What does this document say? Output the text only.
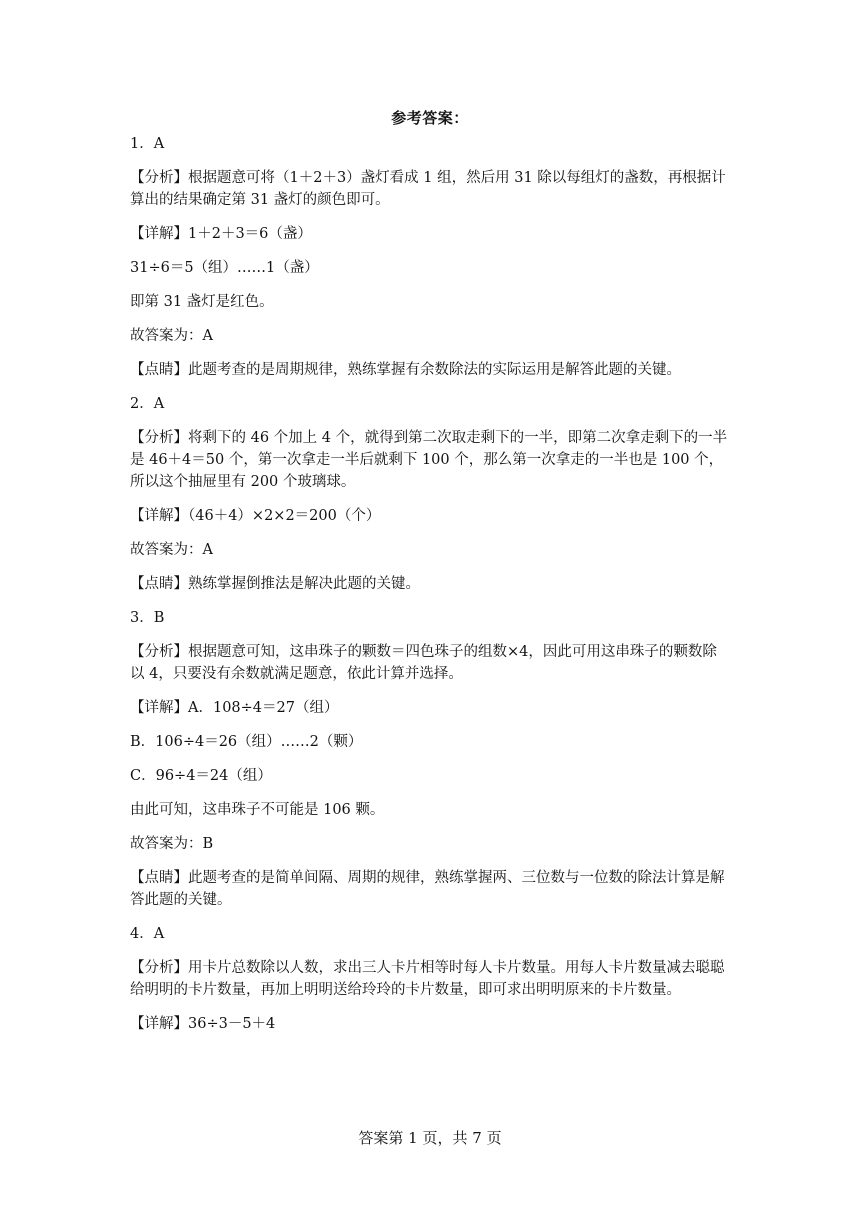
参考答案：

1．A

【分析】根据题意可将（1＋2＋3）盏灯看成 1 组，然后用 31 除以每组灯的盏数，再根据计算出的结果确定第 31 盏灯的颜色即可。

【详解】1＋2＋3＝6（盏）

31÷6＝5（组）……1（盏）

即第 31 盏灯是红色。

故答案为：A

【点睛】此题考查的是周期规律，熟练掌握有余数除法的实际运用是解答此题的关键。

2．A

【分析】将剩下的 46 个加上 4 个，就得到第二次取走剩下的一半，即第二次拿走剩下的一半是 46＋4＝50 个，第一次拿走一半后就剩下 100 个，那么第一次拿走的一半也是 100 个，所以这个抽屉里有 200 个玻璃球。

【详解】（46＋4）×2×2＝200（个）

故答案为：A

【点睛】熟练掌握倒推法是解决此题的关键。

3．B

【分析】根据题意可知，这串珠子的颗数＝四色珠子的组数×4，因此可用这串珠子的颗数除以 4，只要没有余数就满足题意，依此计算并选择。

【详解】A．108÷4＝27（组）

B．106÷4＝26（组）……2（颗）

C．96÷4＝24（组）

由此可知，这串珠子不可能是 106 颗。

故答案为：B

【点睛】此题考查的是简单间隔、周期的规律，熟练掌握两、三位数与一位数的除法计算是解答此题的关键。

4．A

【分析】用卡片总数除以人数，求出三人卡片相等时每人卡片数量。用每人卡片数量减去聪聪给明明的卡片数量，再加上明明送给玲玲的卡片数量，即可求出明明原来的卡片数量。

【详解】36÷3－5＋4

答案第 1 页，共 7 页
